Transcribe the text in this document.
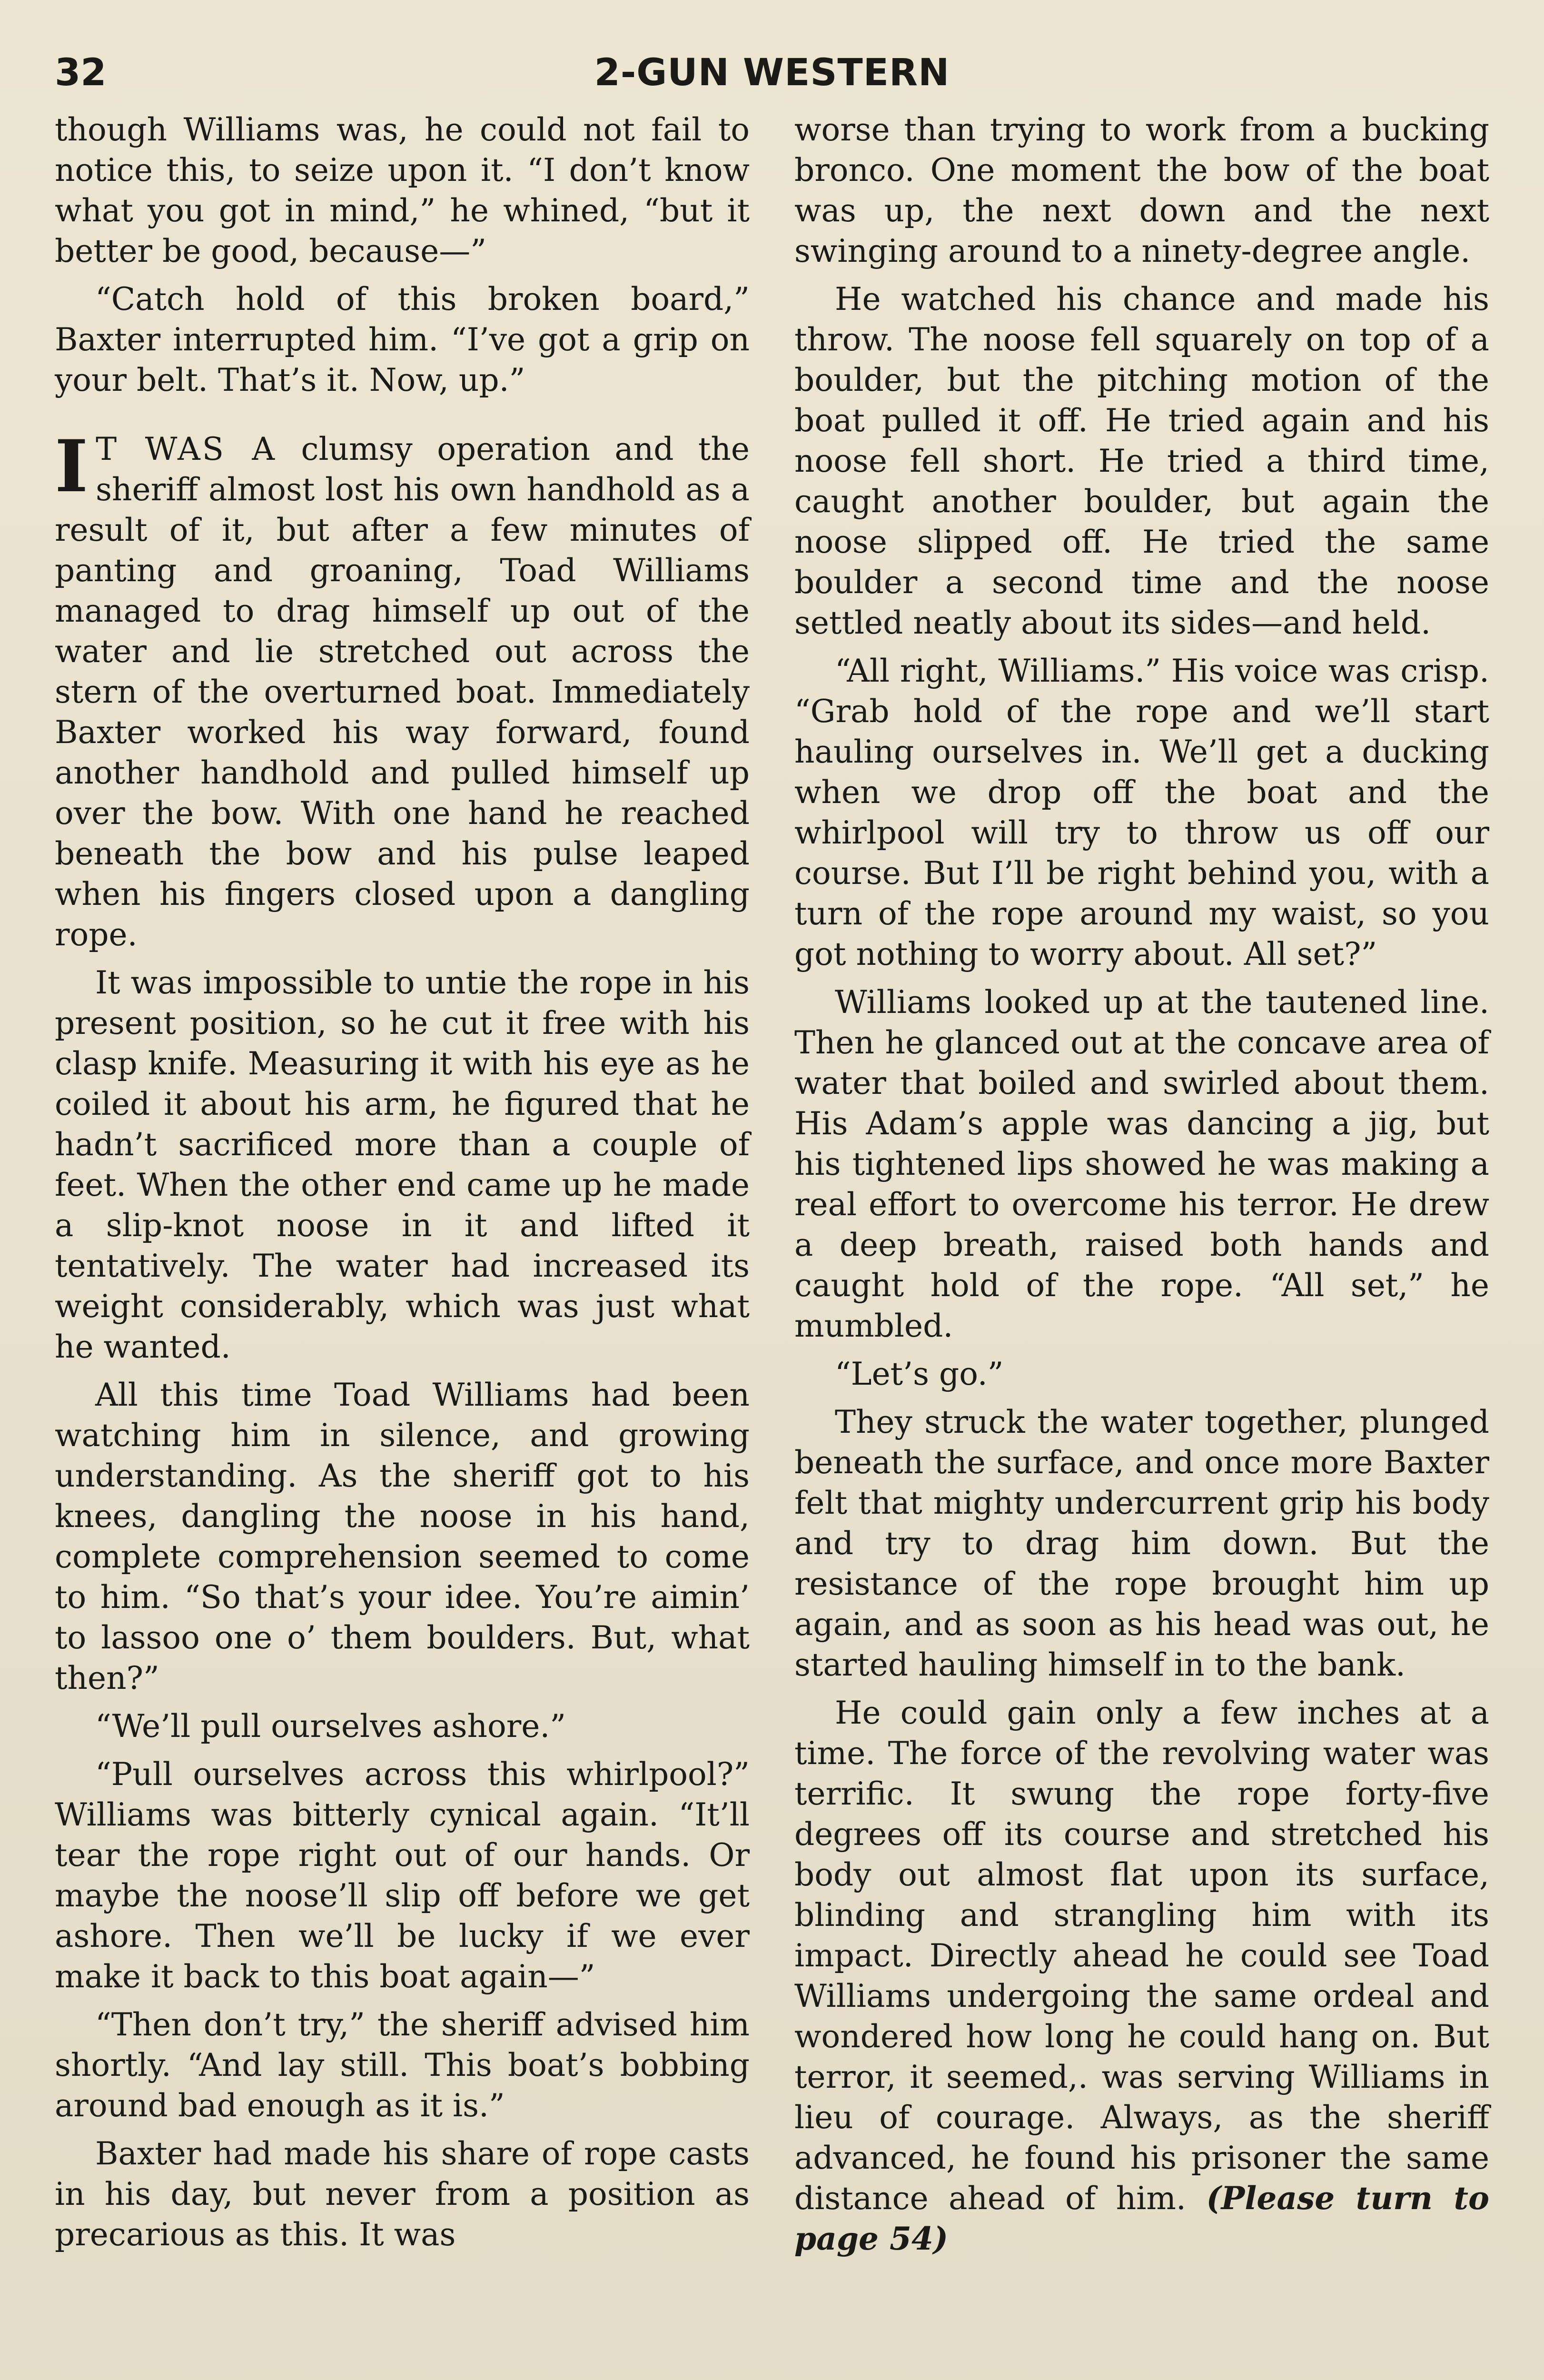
32	2-GUN WESTERN

though Williams was, he could not fail to notice this, to seize upon it. “I don’t know what you got in mind,” he whined, “but it better be good, because—”

“Catch hold of this broken board,” Baxter interrupted him. “I’ve got a grip on your belt. That’s it. Now, up.”

I T WAS A clumsy operation and the sheriff almost lost his own handhold as a result of it, but after a few minutes of panting and groaning, Toad Williams managed to drag himself up out of the water and lie stretched out across the stern of the overturned boat. Immediately Baxter worked his way forward, found another handhold and pulled himself up over the bow. With one hand he reached beneath the bow and his pulse leaped when his fingers closed upon a dangling rope.

It was impossible to untie the rope in his present position, so he cut it free with his clasp knife. Measuring it with his eye as he coiled it about his arm, he figured that he hadn’t sacrificed more than a couple of feet. When the other end came up he made a slip-knot noose in it and lifted it tentatively. The water had increased its weight considerably, which was just what he wanted.

All this time Toad Williams had been watching him in silence, and growing understanding. As the sheriff got to his knees, dangling the noose in his hand, complete comprehension seemed to come to him. “So that’s your idee. You’re aimin’ to lassoo one o’ them boulders. But, what then?”

“We’ll pull ourselves ashore.”

“Pull ourselves across this whirlpool?” Williams was bitterly cynical again. “It’ll tear the rope right out of our hands. Or maybe the noose’ll slip off before we get ashore. Then we’ll be lucky if we ever make it back to this boat again—”

“Then don’t try,” the sheriff advised him shortly. “And lay still. This boat’s bobbing around bad enough as it is.”

Baxter had made his share of rope casts in his day, but never from a position as precarious as this. It was

worse than trying to work from a bucking bronco. One moment the bow of the boat was up, the next down and the next swinging around to a ninety-degree angle.

He watched his chance and made his throw. The noose fell squarely on top of a boulder, but the pitching motion of the boat pulled it off. He tried again and his noose fell short. He tried a third time, caught another boulder, but again the noose slipped off. He tried the same boulder a second time and the noose settled neatly about its sides—and held.

“All right, Williams.” His voice was crisp. “Grab hold of the rope and we’ll start hauling ourselves in. We’ll get a ducking when we drop off the boat and the whirlpool will try to throw us off our course. But I’ll be right behind you, with a turn of the rope around my waist, so you got nothing to worry about. All set?”

Williams looked up at the tautened line. Then he glanced out at the concave area of water that boiled and swirled about them. His Adam’s apple was dancing a jig, but his tightened lips showed he was making a real effort to overcome his terror. He drew a deep breath, raised both hands and caught hold of the rope. “All set,” he mumbled.

“Let’s go.”

They struck the water together, plunged beneath the surface, and once more Baxter felt that mighty undercurrent grip his body and try to drag him down. But the resistance of the rope brought him up again, and as soon as his head was out, he started hauling himself in to the bank.

He could gain only a few inches at a time. The force of the revolving water was terrific. It swung the rope forty-five degrees off its course and stretched his body out almost flat upon its surface, blinding and strangling him with its impact. Directly ahead he could see Toad Williams undergoing the same ordeal and wondered how long he could hang on. But terror, it seemed,. was serving Williams in lieu of courage. Always, as the sheriff advanced, he found his prisoner the same distance ahead of him. (Please turn to page 54)
